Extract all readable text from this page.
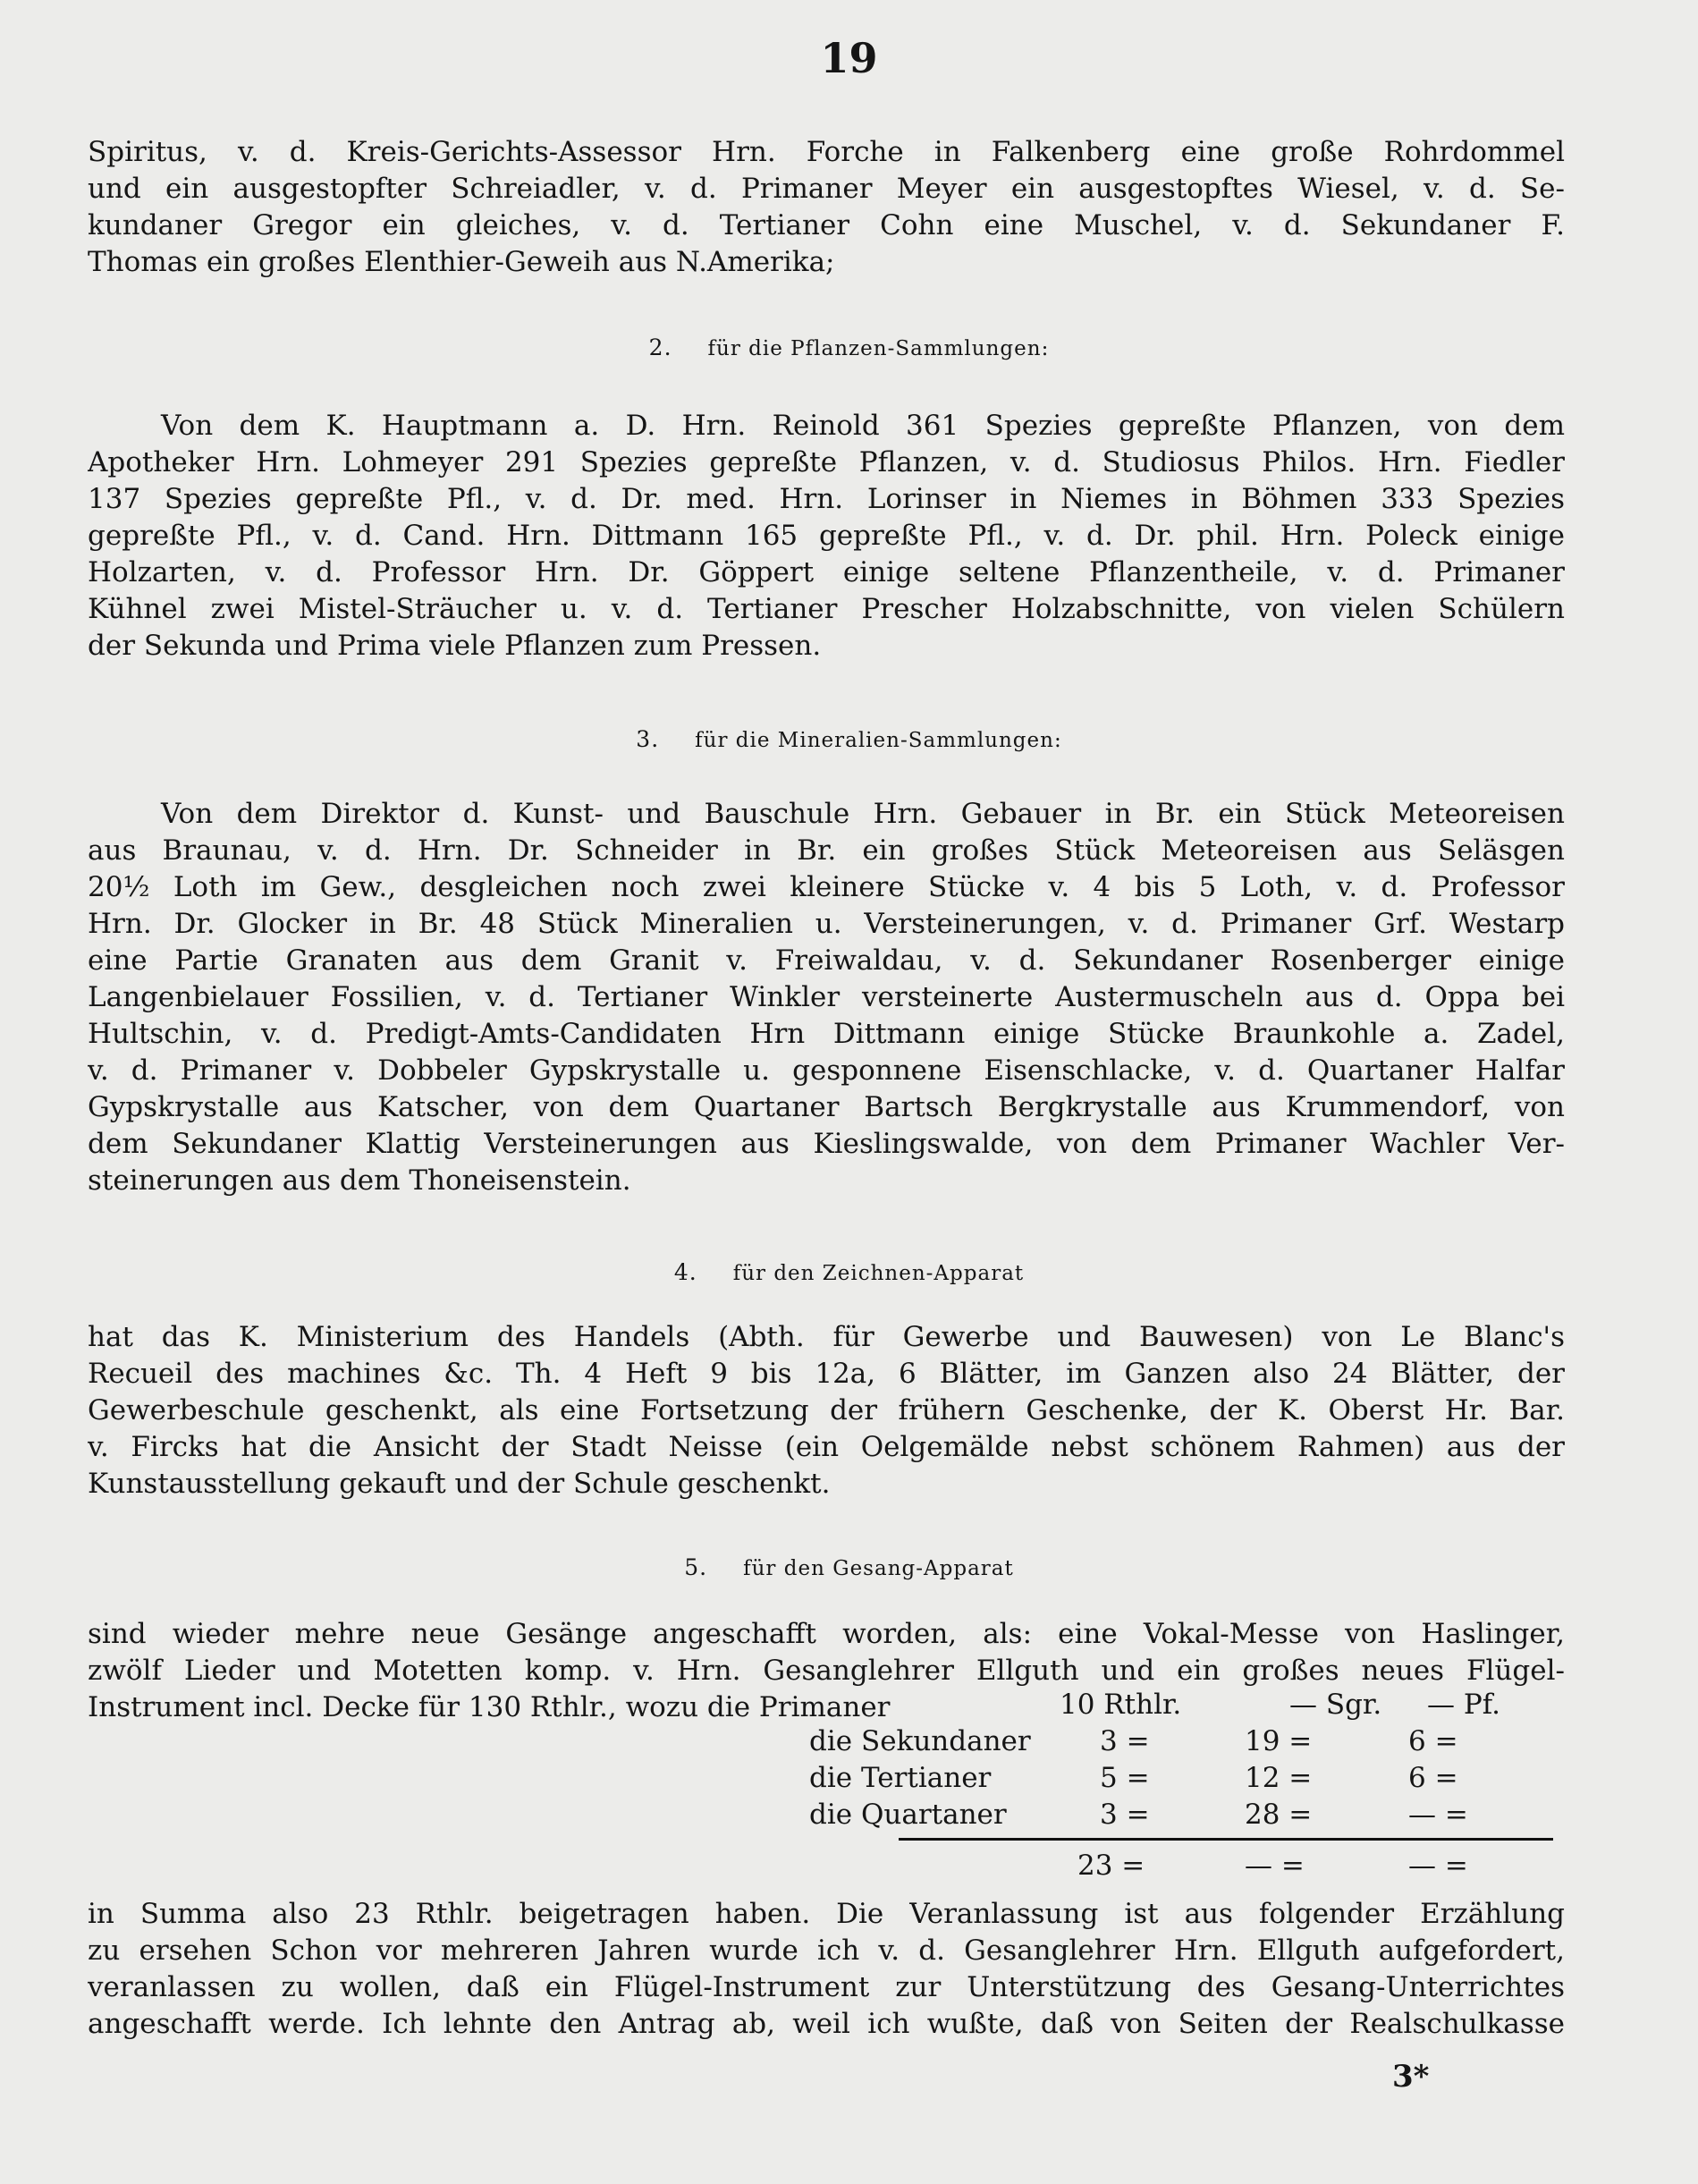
19
Spiritus, v. d. Kreis-Gerichts-Assessor Hrn. Forche in Falkenberg eine große Rohrdommel
und ein ausgestopfter Schreiadler, v. d. Primaner Meyer ein ausgestopftes Wiesel, v. d. Se-
kundaner Gregor ein gleiches, v. d. Tertianer Cohn eine Muschel, v. d. Sekundaner F.
Thomas ein großes Elenthier-Geweih aus N.Amerika;
2. für die Pflanzen-Sammlungen:
Von dem K. Hauptmann a. D. Hrn. Reinold 361 Spezies gepreßte Pflanzen, von dem
Apotheker Hrn. Lohmeyer 291 Spezies gepreßte Pflanzen, v. d. Studiosus Philos. Hrn. Fiedler
137 Spezies gepreßte Pfl., v. d. Dr. med. Hrn. Lorinser in Niemes in Böhmen 333 Spezies
gepreßte Pfl., v. d. Cand. Hrn. Dittmann 165 gepreßte Pfl., v. d. Dr. phil. Hrn. Poleck einige
Holzarten, v. d. Professor Hrn. Dr. Göppert einige seltene Pflanzentheile, v. d. Primaner
Kühnel zwei Mistel-Sträucher u. v. d. Tertianer Prescher Holzabschnitte, von vielen Schülern
der Sekunda und Prima viele Pflanzen zum Pressen.
3. für die Mineralien-Sammlungen:
Von dem Direktor d. Kunst- und Bauschule Hrn. Gebauer in Br. ein Stück Meteoreisen
aus Braunau, v. d. Hrn. Dr. Schneider in Br. ein großes Stück Meteoreisen aus Seläsgen
20½ Loth im Gew., desgleichen noch zwei kleinere Stücke v. 4 bis 5 Loth, v. d. Professor
Hrn. Dr. Glocker in Br. 48 Stück Mineralien u. Versteinerungen, v. d. Primaner Grf. Westarp
eine Partie Granaten aus dem Granit v. Freiwaldau, v. d. Sekundaner Rosenberger einige
Langenbielauer Fossilien, v. d. Tertianer Winkler versteinerte Austermuscheln aus d. Oppa bei
Hultschin, v. d. Predigt-Amts-Candidaten Hrn Dittmann einige Stücke Braunkohle a. Zadel,
v. d. Primaner v. Dobbeler Gypskrystalle u. gesponnene Eisenschlacke, v. d. Quartaner Halfar
Gypskrystalle aus Katscher, von dem Quartaner Bartsch Bergkrystalle aus Krummendorf, von
dem Sekundaner Klattig Versteinerungen aus Kieslingswalde, von dem Primaner Wachler Ver-
steinerungen aus dem Thoneisenstein.
4. für den Zeichnen-Apparat
hat das K. Ministerium des Handels (Abth. für Gewerbe und Bauwesen) von Le Blanc's
Recueil des machines &c. Th. 4 Heft 9 bis 12a, 6 Blätter, im Ganzen also 24 Blätter, der
Gewerbeschule geschenkt, als eine Fortsetzung der frühern Geschenke, der K. Oberst Hr. Bar.
v. Fircks hat die Ansicht der Stadt Neisse (ein Oelgemälde nebst schönem Rahmen) aus der
Kunstausstellung gekauft und der Schule geschenkt.
5. für den Gesang-Apparat
sind wieder mehre neue Gesänge angeschafft worden, als: eine Vokal-Messe von Haslinger,
zwölf Lieder und Motetten komp. v. Hrn. Gesanglehrer Ellguth und ein großes neues Flügel-
Instrument incl. Decke für 130 Rthlr., wozu die Primaner	10 Rthlr.	— Sgr. — Pf.
die Sekundaner 3 =	19 =	6 =
die Tertianer	5 =	12 =	6 =
die Quartaner	3 =	28 =	— =
23 =	— =	— =
in Summa also 23 Rthlr. beigetragen haben. Die Veranlassung ist aus folgender Erzählung
zu ersehen Schon vor mehreren Jahren wurde ich v. d. Gesanglehrer Hrn. Ellguth aufgefordert,
veranlassen zu wollen, daß ein Flügel-Instrument zur Unterstützung des Gesang-Unterrichtes
angeschafft werde. Ich lehnte den Antrag ab, weil ich wußte, daß von Seiten der Realschulkasse
3*
